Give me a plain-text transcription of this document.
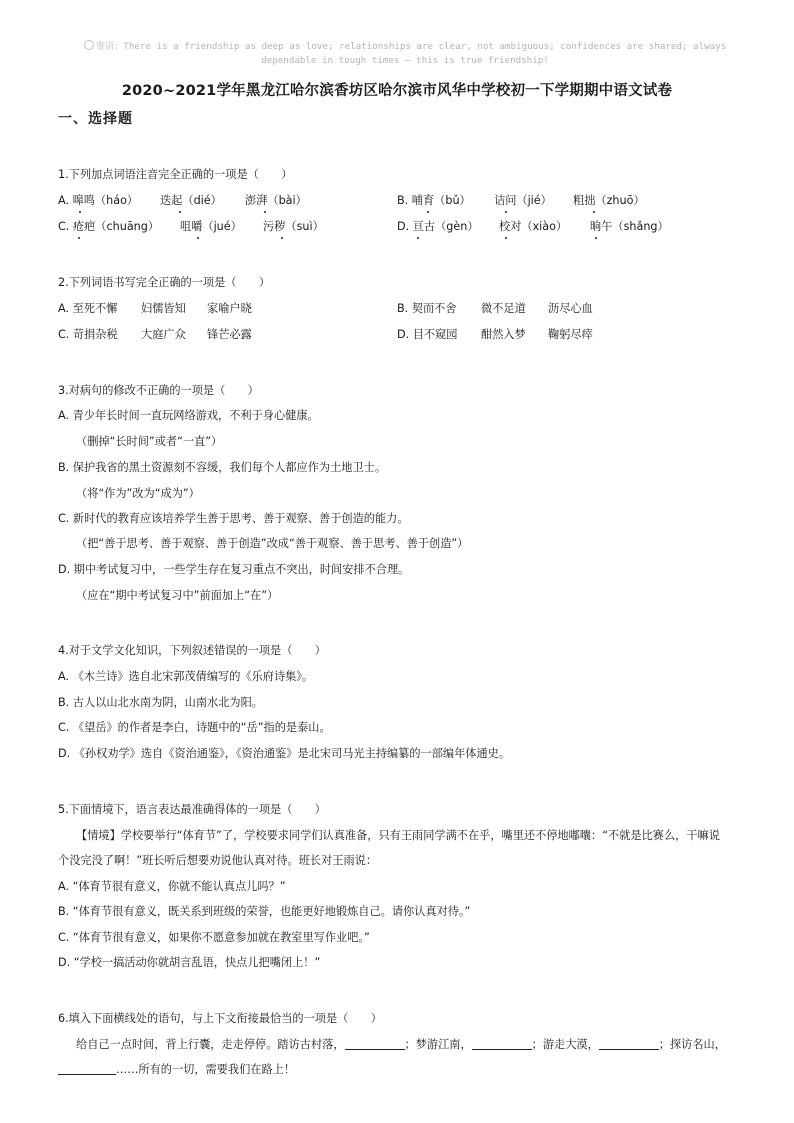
寄语：There is a friendship as deep as love; relationships are clear, not ambiguous; confidences are shared; always
dependable in tough times — this is true friendship!
2020~2021学年黑龙江哈尔滨香坊区哈尔滨市风华中学校初一下学期期中语文试卷
一、选择题
1.下列加点词语注音完全正确的一项是（　　）
A. 嗥鸣（háo） 迭起（dié） 澎湃（bài）	B. 哺育（bǔ） 诘问（jié） 粗拙（zhuō）
C. 疮疤（chuāng） 咀嚼（jué） 污秽（suì）	D. 亘古（gèn） 校对（xiào） 晌午（shǎng）
2.下列词语书写完全正确的一项是（　　）
A. 至死不懈 妇儒皆知 家喻户晓	B. 契而不舍 微不足道 沥尽心血
C. 苛捐杂税 大庭广众 锋芒必露	D. 目不窥园 酣然入梦 鞠躬尽瘁
3.对病句的修改不正确的一项是（　　）
A. 青少年长时间一直玩网络游戏，不利于身心健康。
（删掉“长时间”或者“一直”）
B. 保护我省的黑土资源刻不容缓，我们每个人都应作为土地卫士。
（将“作为”改为“成为”）
C. 新时代的教育应该培养学生善于思考、善于观察、善于创造的能力。
（把“善于思考、善于观察、善于创造”改成“善于观察、善于思考、善于创造”）
D. 期中考试复习中，一些学生存在复习重点不突出，时间安排不合理。
（应在“期中考试复习中”前面加上“在”）
4.对于文学文化知识，下列叙述错误的一项是（　　）
A. 《木兰诗》选自北宋郭茂倩编写的《乐府诗集》。
B. 古人以山北水南为阴，山南水北为阳。
C. 《望岳》的作者是李白，诗题中的“岳”指的是泰山。
D. 《孙权劝学》选自《资治通鉴》，《资治通鉴》是北宋司马光主持编纂的一部编年体通史。
5.下面情境下，语言表达最准确得体的一项是（　　）
【情境】学校要举行“体育节”了，学校要求同学们认真准备，只有王雨同学满不在乎，嘴里还不停地嘟囔：“不就是比赛么，干嘛说
个没完没了啊！”班长听后想要劝说他认真对待。班长对王雨说：
A. “体育节很有意义，你就不能认真点儿吗？”
B. “体育节很有意义，既关系到班级的荣誉，也能更好地锻炼自己。请你认真对待。”
C. “体育节很有意义，如果你不愿意参加就在教室里写作业吧。”
D. “学校一搞活动你就胡言乱语，快点儿把嘴闭上！”
6.填入下面横线处的语句，与上下文衔接最恰当的一项是（　　）
给自己一点时间，背上行囊，走走停停。踏访古村落，	；梦游江南，	；游走大漠，	；探访名山，
……所有的一切，需要我们在路上！
